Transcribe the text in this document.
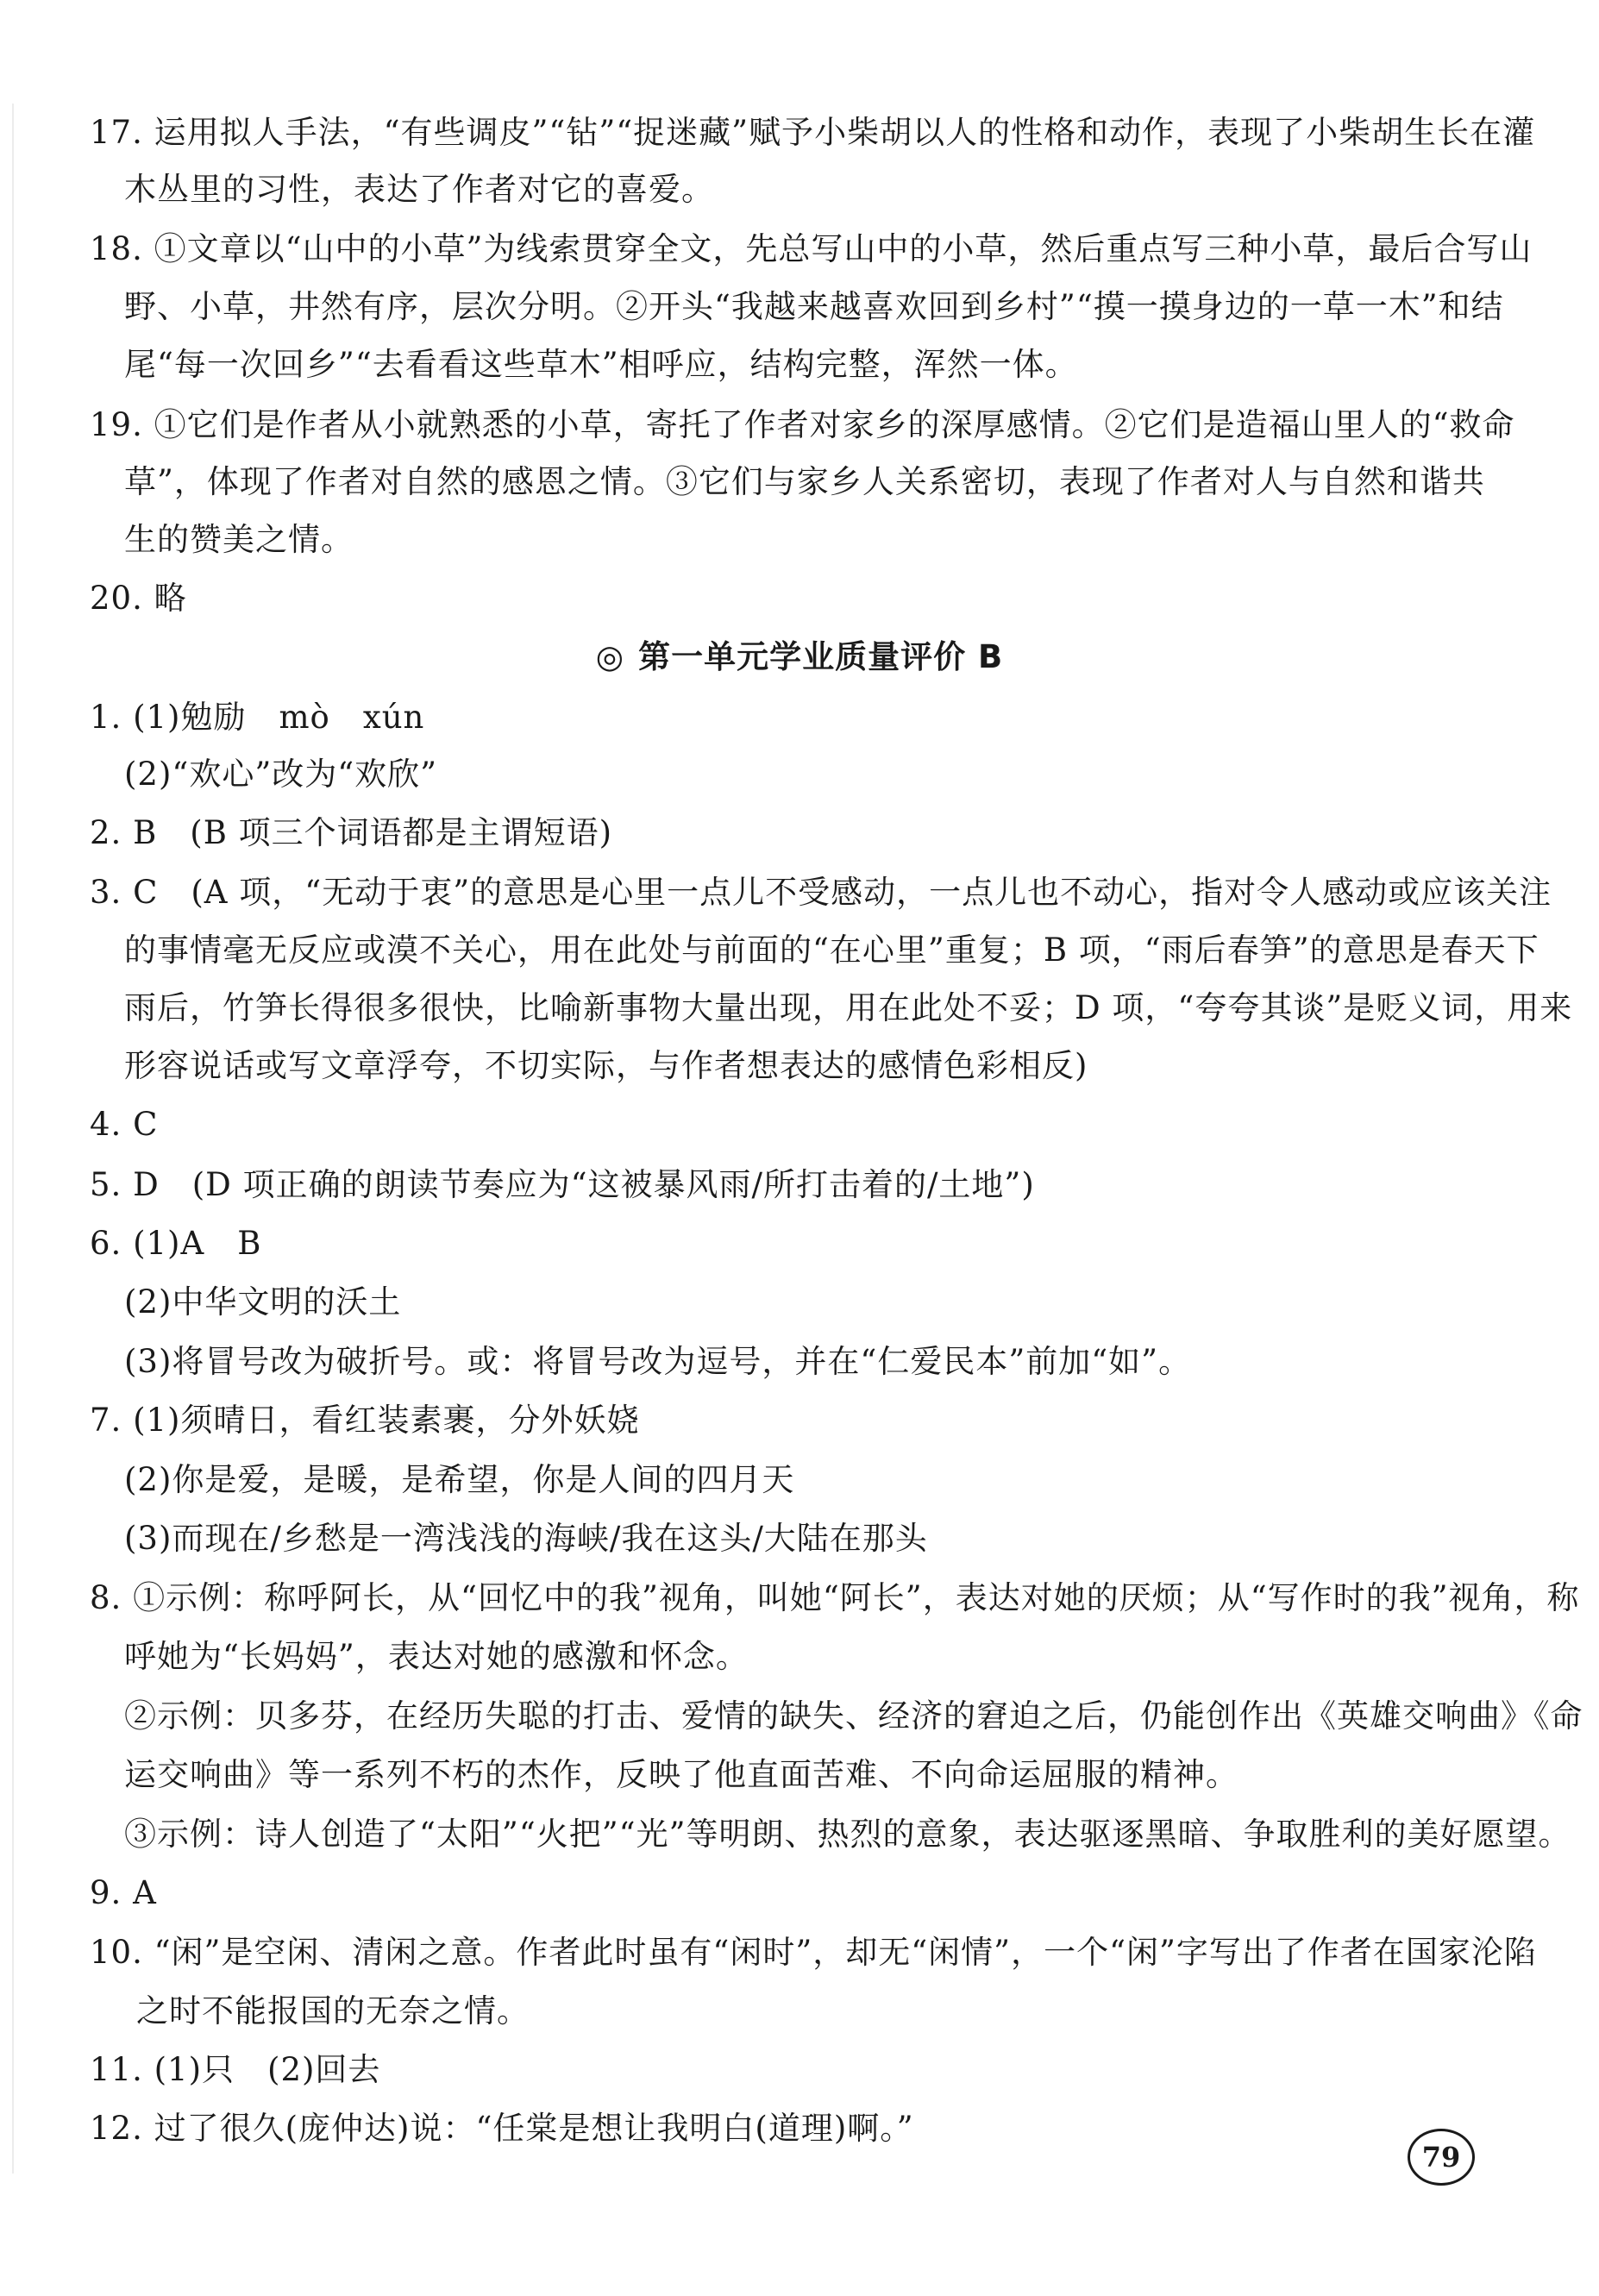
17. 运用拟人手法，“有些调皮”“钻”“捉迷藏”赋予小柴胡以人的性格和动作，表现了小柴胡生长在灌
木丛里的习性，表达了作者对它的喜爱。
18. ①文章以“山中的小草”为线索贯穿全文，先总写山中的小草，然后重点写三种小草，最后合写山
野、小草，井然有序，层次分明。②开头“我越来越喜欢回到乡村”“摸一摸身边的一草一木”和结
尾“每一次回乡”“去看看这些草木”相呼应，结构完整，浑然一体。
19. ①它们是作者从小就熟悉的小草，寄托了作者对家乡的深厚感情。②它们是造福山里人的“救命
草”，体现了作者对自然的感恩之情。③它们与家乡人关系密切，表现了作者对人与自然和谐共
生的赞美之情。
20. 略
◎ 第一单元学业质量评价 B
1. (1)勉励　mò　xún
(2)“欢心”改为“欢欣”
2. B　(B 项三个词语都是主谓短语)
3. C　(A 项，“无动于衷”的意思是心里一点儿不受感动，一点儿也不动心，指对令人感动或应该关注
的事情毫无反应或漠不关心，用在此处与前面的“在心里”重复；B 项，“雨后春笋”的意思是春天下
雨后，竹笋长得很多很快，比喻新事物大量出现，用在此处不妥；D 项，“夸夸其谈”是贬义词，用来
形容说话或写文章浮夸，不切实际，与作者想表达的感情色彩相反)
4. C
5. D　(D 项正确的朗读节奏应为“这被暴风雨/所打击着的/土地”)
6. (1)A　B
(2)中华文明的沃土
(3)将冒号改为破折号。或：将冒号改为逗号，并在“仁爱民本”前加“如”。
7. (1)须晴日，看红装素裹，分外妖娆
(2)你是爱，是暖，是希望，你是人间的四月天
(3)而现在/乡愁是一湾浅浅的海峡/我在这头/大陆在那头
8. ①示例：称呼阿长，从“回忆中的我”视角，叫她“阿长”，表达对她的厌烦；从“写作时的我”视角，称
呼她为“长妈妈”，表达对她的感激和怀念。
②示例：贝多芬，在经历失聪的打击、爱情的缺失、经济的窘迫之后，仍能创作出《英雄交响曲》《命
运交响曲》等一系列不朽的杰作，反映了他直面苦难、不向命运屈服的精神。
③示例：诗人创造了“太阳”“火把”“光”等明朗、热烈的意象，表达驱逐黑暗、争取胜利的美好愿望。
9. A
10. “闲”是空闲、清闲之意。作者此时虽有“闲时”，却无“闲情”，一个“闲”字写出了作者在国家沦陷
之时不能报国的无奈之情。
11. (1)只　(2)回去
12. 过了很久(庞仲达)说：“任棠是想让我明白(道理)啊。”
79
